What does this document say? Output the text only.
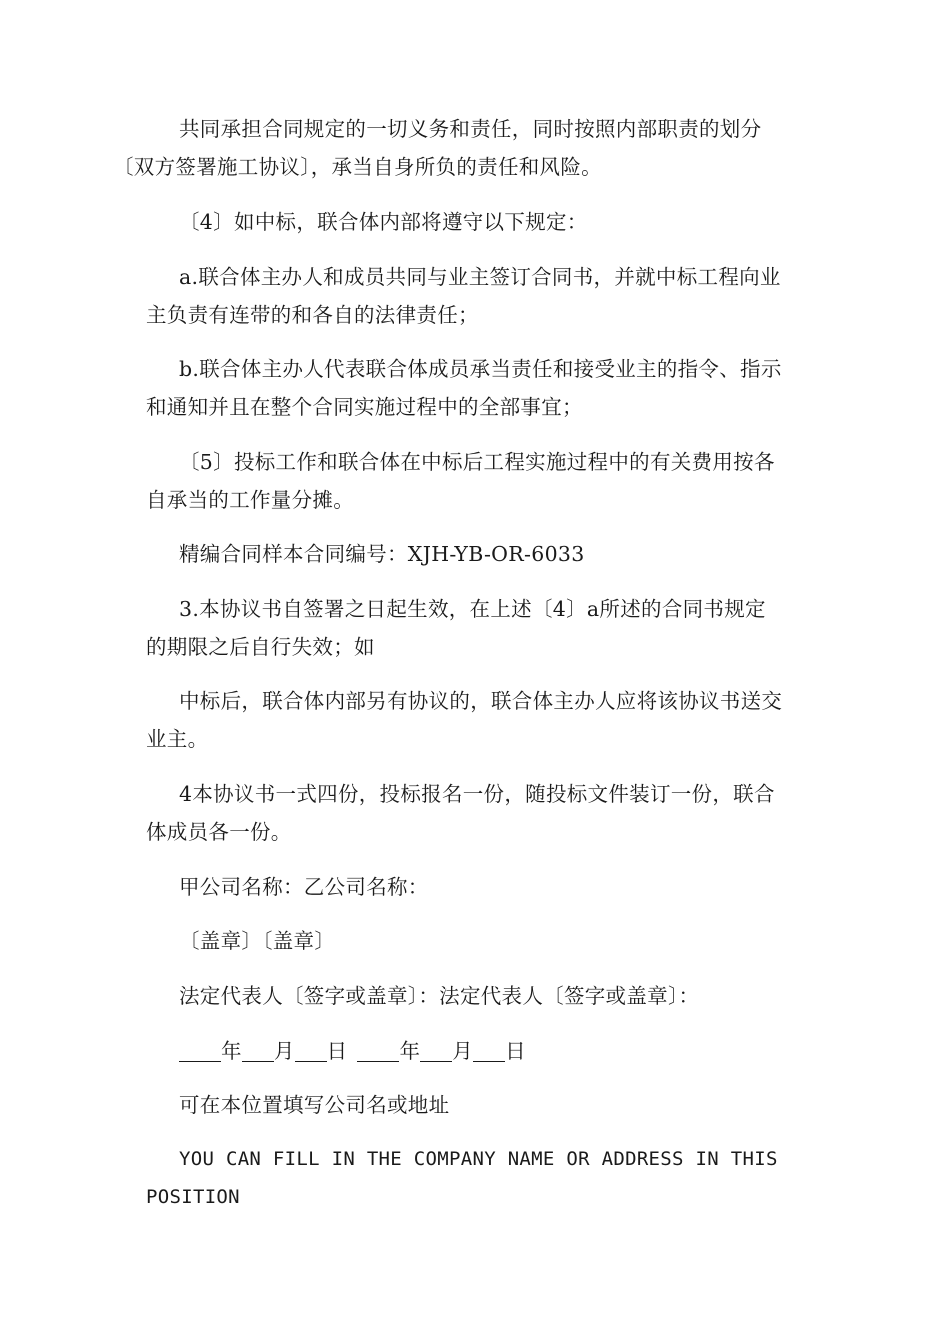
共同承担合同规定的一切义务和责任，同时按照内部职责的划分
〔双方签署施工协议〕，承当自身所负的责任和风险。

〔4〕如中标，联合体内部将遵守以下规定：

a.联合体主办人和成员共同与业主签订合同书，并就中标工程向业
主负责有连带的和各自的法律责任；

b.联合体主办人代表联合体成员承当责任和接受业主的指令、指示
和通知并且在整个合同实施过程中的全部事宜；

〔5〕投标工作和联合体在中标后工程实施过程中的有关费用按各
自承当的工作量分摊。

精编合同样本合同编号：XJH-YB-OR-6033

3.本协议书自签署之日起生效，在上述〔4〕a所述的合同书规定
的期限之后自行失效；如

中标后，联合体内部另有协议的，联合体主办人应将该协议书送交
业主。

4本协议书一式四份，投标报名一份，随投标文件装订一份，联合
体成员各一份。

甲公司名称：乙公司名称：

〔盖章〕〔盖章〕

法定代表人〔签字或盖章〕：法定代表人〔签字或盖章〕：

年 月 日	年 月 日

可在本位置填写公司名或地址

YOU CAN FILL IN THE COMPANY NAME OR ADDRESS IN THIS
POSITION
